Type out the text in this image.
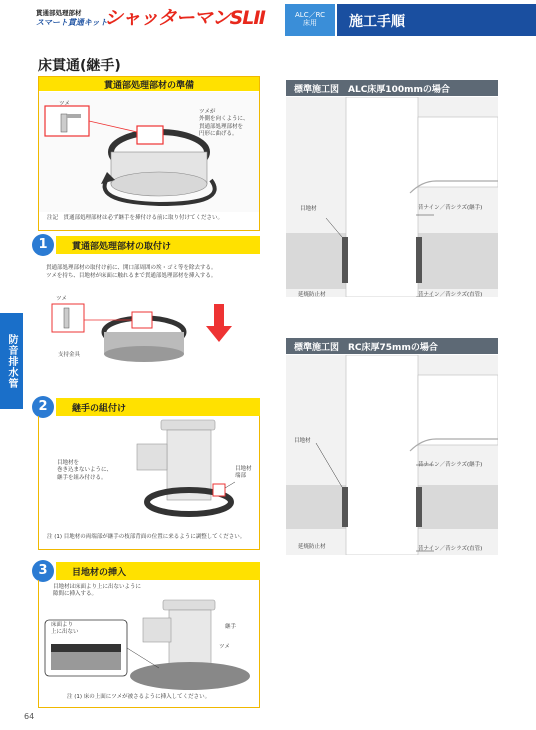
貫通部処理部材
スマート貫通キット
シャッターマンSLⅡ	ALC／RC
床用	施工手順
床貫通(継手)
防音排水管
貫通部処理部材の準備
ツメ
ツメが
外側を向くように、
貫通部処理部材を
円形に曲げる。
注記　貫通部処理部材は必ず継手を挿付ける前に取り付けてください。
1	貫通部処理部材の取付け
貫通部処理部材の取付け前に、開口部周囲の埃・ゴミ等を除去する。
ツメを持ち、目地材が床面に触れるまで貫通部処理部材を挿入する。
ツメ
支持金具
2	継手の組付け
目地材を
巻き込まないように、
継手を組み付ける。
目地材
端部
注 (1) 目地材の両端部が継手の枝部背面の位置に来るように調整してください。
3	目地材の挿入
目地材は床面より上に出ないように
隙間に挿入する。
床面より
上に出ない
継手
ツメ
注 (1) 床の上面にツメが被さるように挿入してください。
標準施工図　ALC床厚100mmの場合
目地材	昔ナイン／昔シラズ(継手)
延焼防止材	昔ナイン／昔シラズ(直管)
標準施工図　RC床厚75mmの場合
目地材
昔ナイン／昔シラズ(継手)
延焼防止材	昔ナイン／昔シラズ(直管)
64
